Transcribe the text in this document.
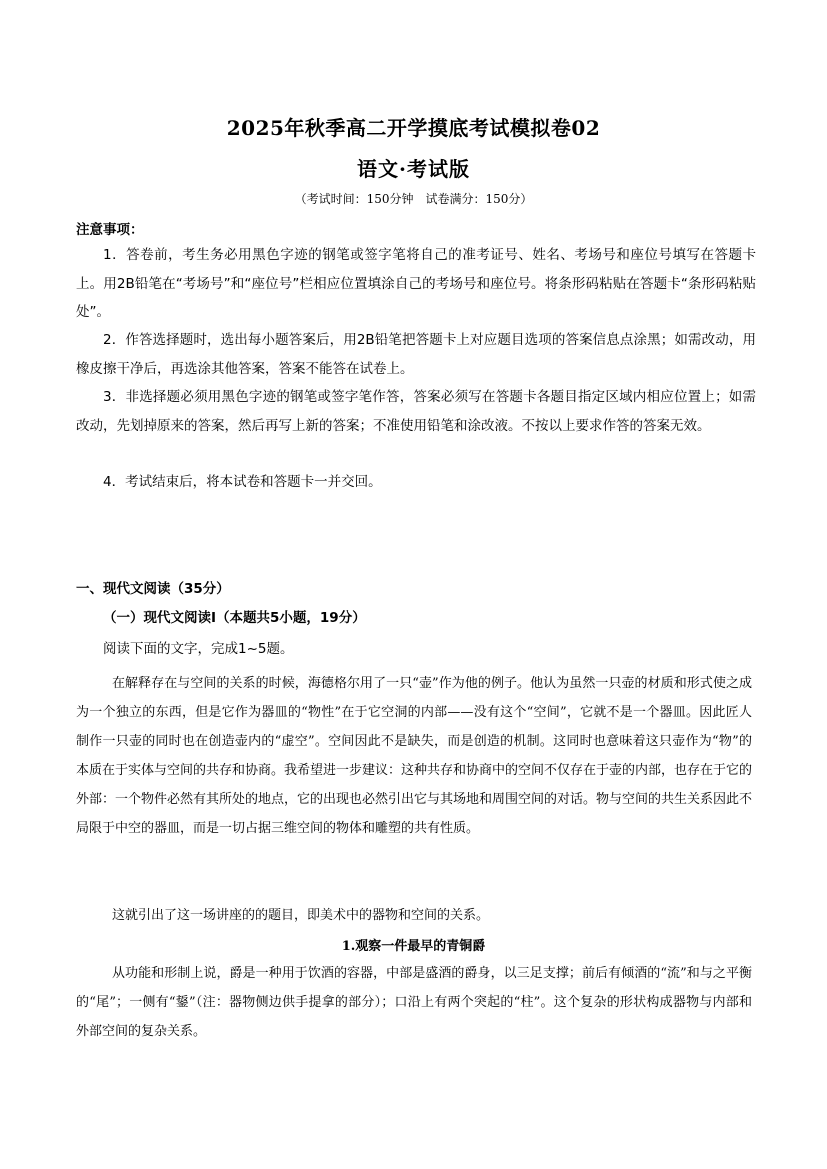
2025年秋季高二开学摸底考试模拟卷02
语文·考试版
（考试时间：150分钟　试卷满分：150分）
注意事项：

1．答卷前，考生务必用黑色字迹的钢笔或签字笔将自己的准考证号、姓名、考场号和座位号填写在答题卡上。用2B铅笔在“考场号”和“座位号”栏相应位置填涂自己的考场号和座位号。将条形码粘贴在答题卡“条形码粘贴处”。

2．作答选择题时，选出每小题答案后，用2B铅笔把答题卡上对应题目选项的答案信息点涂黑；如需改动，用橡皮擦干净后，再选涂其他答案，答案不能答在试卷上。

3．非选择题必须用黑色字迹的钢笔或签字笔作答，答案必须写在答题卡各题目指定区域内相应位置上；如需改动，先划掉原来的答案，然后再写上新的答案；不准使用铅笔和涂改液。不按以上要求作答的答案无效。

4．考试结束后，将本试卷和答题卡一并交回。

一、现代文阅读（35分）
（一）现代文阅读Ⅰ（本题共5小题，19分）
阅读下面的文字，完成1~5题。

在解释存在与空间的关系的时候，海德格尔用了一只“壶”作为他的例子。他认为虽然一只壶的材质和形式使之成为一个独立的东西，但是它作为器皿的“物性”在于它空洞的内部——没有这个“空间”，它就不是一个器皿。因此匠人制作一只壶的同时也在创造壶内的“虚空”。空间因此不是缺失，而是创造的机制。这同时也意味着这只壶作为“物”的本质在于实体与空间的共存和协商。我希望进一步建议：这种共存和协商中的空间不仅存在于壶的内部，也存在于它的外部：一个物件必然有其所处的地点，它的出现也必然引出它与其场地和周围空间的对话。物与空间的共生关系因此不局限于中空的器皿，而是一切占据三维空间的物体和雕塑的共有性质。

这就引出了这一场讲座的的题目，即美术中的器物和空间的关系。

1.观察一件最早的青铜爵

从功能和形制上说，爵是一种用于饮酒的容器，中部是盛酒的爵身，以三足支撑；前后有倾酒的“流”和与之平衡的“尾”；一侧有“鋬”（注：器物侧边供手提拿的部分）；口沿上有两个突起的“柱”。这个复杂的形状构成器物与内部和外部空间的复杂关系。
